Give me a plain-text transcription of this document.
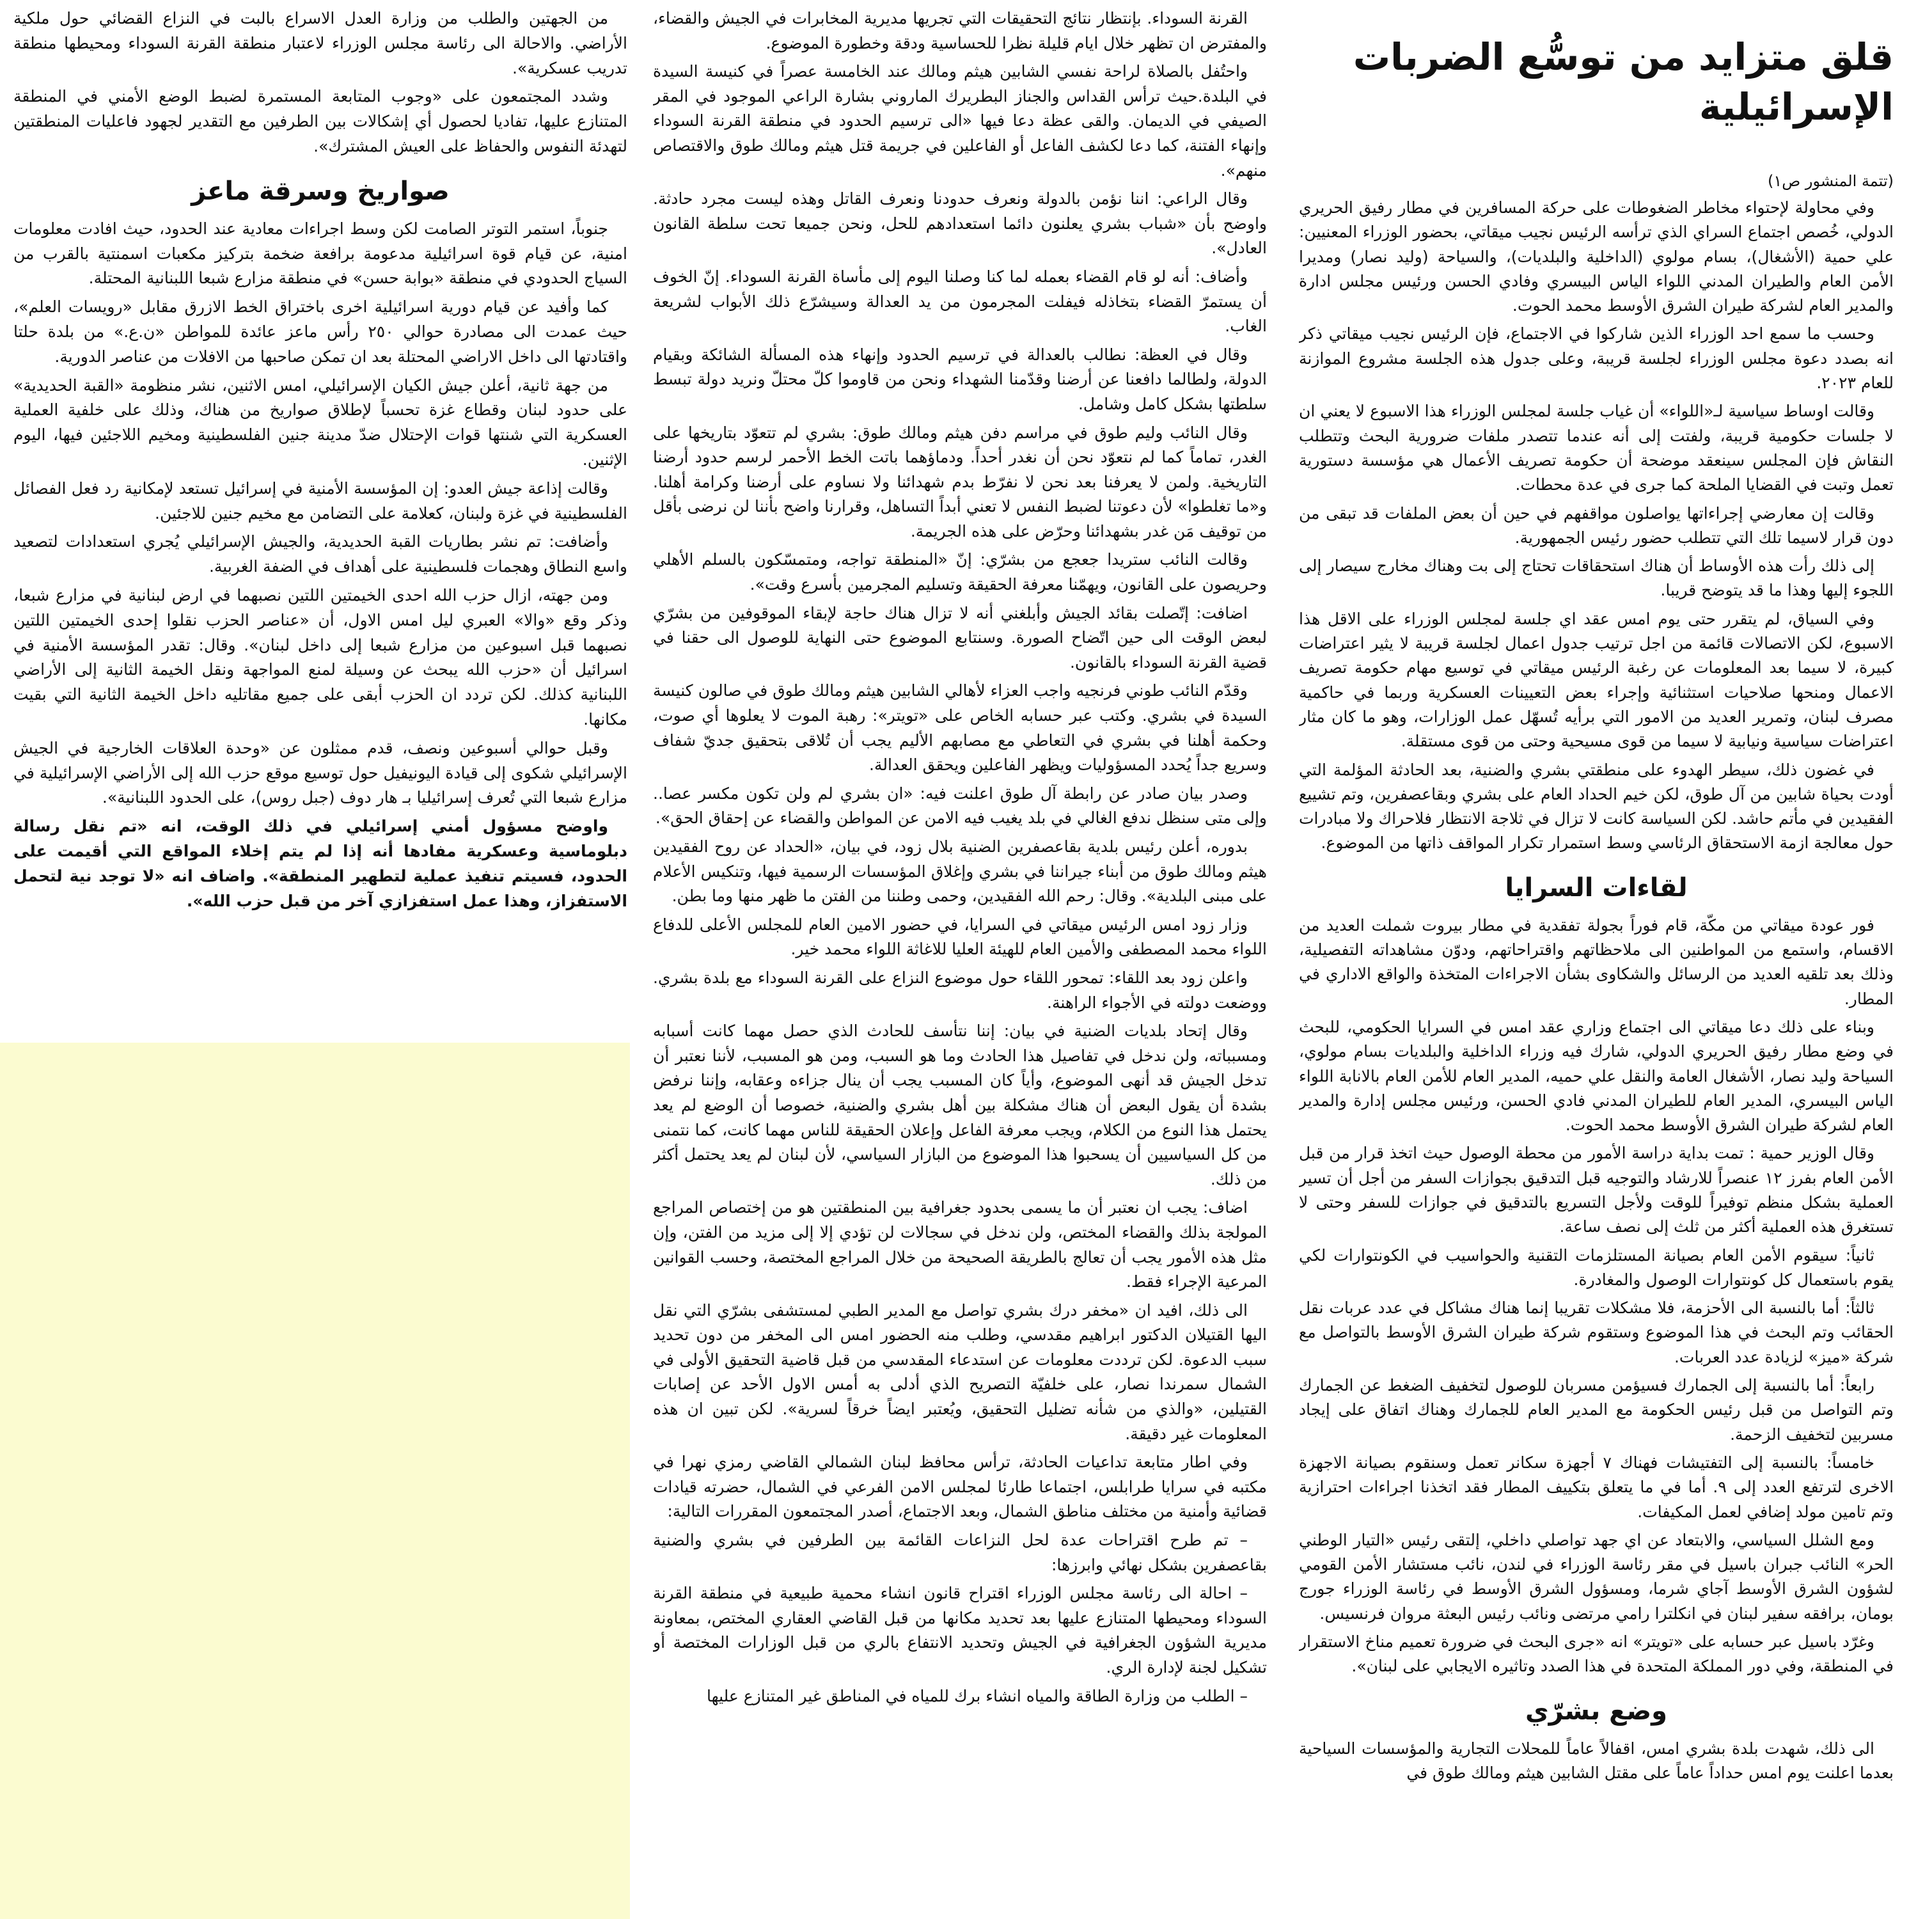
قلق متزايد من توسُّع الضربات الإسرائيلية
(تتمة المنشور ص١)

وفي محاولة لإحتواء مخاطر الضغوطات على حركة المسافرين في مطار رفيق الحريري الدولي، خُصص اجتماع السراي الذي ترأسه الرئيس نجيب ميقاتي، بحضور الوزراء المعنيين: علي حمية (الأشغال)، بسام مولوي (الداخلية والبلديات)، والسياحة (وليد نصار) ومديرا الأمن العام والطيران المدني اللواء الياس البيسري وفادي الحسن ورئيس مجلس ادارة والمدير العام لشركة طيران الشرق الأوسط محمد الحوت.

وحسب ما سمع احد الوزراء الذين شاركوا في الاجتماع، فإن الرئيس نجيب ميقاتي ذكر انه بصدد دعوة مجلس الوزراء لجلسة قريبة، وعلى جدول هذه الجلسة مشروع الموازنة للعام ٢٠٢٣.

وقالت اوساط سياسية لـ«اللواء» أن غياب جلسة لمجلس الوزراء هذا الاسبوع لا يعني ان لا جلسات حكومية قريبة، ولفتت إلى أنه عندما تتصدر ملفات ضرورية البحث وتتطلب النقاش فإن المجلس سينعقد موضحة أن حكومة تصريف الأعمال هي مؤسسة دستورية تعمل وتبت في القضايا الملحة كما جرى في عدة محطات.

وقالت إن معارضي إجراءاتها يواصلون مواقفهم في حين أن بعض الملفات قد تبقى من دون قرار لاسيما تلك التي تتطلب حضور رئيس الجمهورية.

إلى ذلك رأت هذه الأوساط أن هناك استحقاقات تحتاج إلى بت وهناك مخارج سيصار إلى اللجوء إليها وهذا ما قد يتوضح قريبا.

وفي السياق، لم يتقرر حتى يوم امس عقد اي جلسة لمجلس الوزراء على الاقل هذا الاسبوع، لكن الاتصالات قائمة من اجل ترتيب جدول اعمال لجلسة قريبة لا يثير اعتراضات كبيرة، لا سيما بعد المعلومات عن رغبة الرئيس ميقاتي في توسيع مهام حكومة تصريف الاعمال ومنحها صلاحيات استثنائية وإجراء بعض التعيينات العسكرية وربما في حاكمية مصرف لبنان، وتمرير العديد من الامور التي برأيه تُسهّل عمل الوزارات، وهو ما كان مثار اعتراضات سياسية ونيابية لا سيما من قوى مسيحية وحتى من قوى مستقلة.

في غضون ذلك، سيطر الهدوء على منطقتي بشري والضنية، بعد الحادثة المؤلمة التي أودت بحياة شابين من آل طوق، لكن خيم الحداد العام على بشري وبقاعصفرين، وتم تشييع الفقيدين في مأتم حاشد. لكن السياسة كانت لا تزال في ثلاجة الانتظار فلاحراك ولا مبادرات حول معالجة ازمة الاستحقاق الرئاسي وسط استمرار تكرار المواقف ذاتها من الموضوع.

لقاءات السرايا

فور عودة ميقاتي من مكّة، قام فوراً بجولة تفقدية في مطار بيروت شملت العديد من الاقسام، واستمع من المواطنين الى ملاحظاتهم واقتراحاتهم، ودوّن مشاهداته التفصيلية، وذلك بعد تلقيه العديد من الرسائل والشكاوى بشأن الاجراءات المتخذة والواقع الاداري في المطار.

وبناء على ذلك دعا ميقاتي الى اجتماع وزاري عقد امس في السرايا الحكومي، للبحث في وضع مطار رفيق الحريري الدولي، شارك فيه وزراء الداخلية والبلديات بسام مولوي، السياحة وليد نصار، الأشغال العامة والنقل علي حميه، المدير العام للأمن العام بالانابة اللواء الياس البيسري، المدير العام للطيران المدني فادي الحسن، ورئيس مجلس إدارة والمدير العام لشركة طيران الشرق الأوسط محمد الحوت.

وقال الوزير حمية : تمت بداية دراسة الأمور من محطة الوصول حيث اتخذ قرار من قبل الأمن العام بفرز ١٢ عنصراً للارشاد والتوجيه قبل التدقيق بجوازات السفر من أجل أن تسير العملية بشكل منظم توفيراً للوقت ولأجل التسريع بالتدقيق في جوازات للسفر وحتى لا تستغرق هذه العملية أكثر من ثلث إلى نصف ساعة.

ثانياً: سيقوم الأمن العام بصيانة المستلزمات التقنية والحواسيب في الكونتوارات لكي يقوم باستعمال كل كونتوارات الوصول والمغادرة.

ثالثاً: أما بالنسبة الى الأحزمة، فلا مشكلات تقريبا إنما هناك مشاكل في عدد عربات نقل الحقائب وتم البحث في هذا الموضوع وستقوم شركة طيران الشرق الأوسط بالتواصل مع شركة «ميز» لزيادة عدد العربات.

رابعاً: أما بالنسبة إلى الجمارك فسيؤمن مسربان للوصول لتخفيف الضغط عن الجمارك وتم التواصل من قبل رئيس الحكومة مع المدير العام للجمارك وهناك اتفاق على إيجاد مسربين لتخفيف الزحمة.

خامساً: بالنسبة إلى التفتيشات فهناك ٧ أجهزة سكانر تعمل وسنقوم بصيانة الاجهزة الاخرى لترتفع العدد إلى ٩. أما في ما يتعلق بتكييف المطار فقد اتخذنا اجراءات احترازية وتم تامين مولد إضافي لعمل المكيفات.

ومع الشلل السياسي، والابتعاد عن اي جهد تواصلي داخلي، إلتقى رئيس «التيار الوطني الحر» النائب جبران باسيل في مقر رئاسة الوزراء في لندن، نائب مستشار الأمن القومي لشؤون الشرق الأوسط آجاي شرما، ومسؤول الشرق الأوسط في رئاسة الوزراء جورج بومان، برافقه سفير لبنان في انكلترا رامي مرتضى ونائب رئيس البعثة مروان فرنسيس.

وغرّد باسيل عبر حسابه على «تويتر» انه «جرى البحث في ضرورة تعميم مناخ الاستقرار في المنطقة، وفي دور المملكة المتحدة في هذا الصدد وتاثيره الايجابي على لبنان».

وضع بشرّي

الى ذلك، شهدت بلدة بشري امس، اقفالاً عاماً للمحلات التجارية والمؤسسات السياحية بعدما اعلنت يوم امس حداداً عاماً على مقتل الشابين هيثم ومالك طوق في

القرنة السوداء. بإنتظار نتائج التحقيقات التي تجريها مديرية المخابرات في الجيش والقضاء، والمفترض ان تظهر خلال ايام قليلة نظرا للحساسية ودقة وخطورة الموضوع.

واحتُفل بالصلاة لراحة نفسي الشابين هيثم ومالك عند الخامسة عصراً في كنيسة السيدة في البلدة.حيث ترأس القداس والجناز البطريرك الماروني بشارة الراعي الموجود في المقر الصيفي في الديمان. والقى عظة دعا فيها «الى ترسيم الحدود في منطقة القرنة السوداء وإنهاء الفتنة، كما دعا لكشف الفاعل أو الفاعلين في جريمة قتل هيثم ومالك طوق والاقتصاص منهم».

وقال الراعي: اننا نؤمن بالدولة ونعرف حدودنا ونعرف القاتل وهذه ليست مجرد حادثة. واوضح بأن «شباب بشري يعلنون دائما استعدادهم للحل، ونحن جميعا تحت سلطة القانون العادل».

وأضاف: أنه لو قام القضاء بعمله لما كنا وصلنا اليوم إلى مأساة القرنة السوداء. إنّ الخوف أن يستمرّ القضاء بتخاذله فيفلت المجرمون من يد العدالة وسيشرّع ذلك الأبواب لشريعة الغاب.

وقال في العظة: نطالب بالعدالة في ترسيم الحدود وإنهاء هذه المسألة الشائكة وبقيام الدولة، ولطالما دافعنا عن أرضنا وقدّمنا الشهداء ونحن من قاوموا كلّ محتلّ ونريد دولة تبسط سلطتها بشكل كامل وشامل.

وقال النائب وليم طوق في مراسم دفن هيثم ومالك طوق: بشري لم تتعوّد بتاريخها على الغدر، تماماً كما لم نتعوّد نحن أن نغدر أحداً. ودماؤهما باتت الخط الأحمر لرسم حدود أرضنا التاريخية. ولمن لا يعرفنا بعد نحن لا نفرّط بدم شهدائنا ولا نساوم على أرضنا وكرامة أهلنا. و«ما تغلطوا» لأن دعوتنا لضبط النفس لا تعني أبداً التساهل، وقرارنا واضح بأننا لن نرضى بأقل من توقيف مَن غدر بشهدائنا وحرّض على هذه الجريمة.

وقالت النائب ستريدا جعجع من بشرّي: إنّ «المنطقة تواجه، ومتمسّكون بالسلم الأهلي وحريصون على القانون، ويهمّنا معرفة الحقيقة وتسليم المجرمين بأسرع وقت».

اضافت: إتّصلت بقائد الجيش وأبلغني أنه لا تزال هناك حاجة لإبقاء الموقوفين من بشرّي لبعض الوقت الى حين اتّضاح الصورة. وسنتابع الموضوع حتى النهاية للوصول الى حقنا في قضية القرنة السوداء بالقانون.

وقدّم النائب طوني فرنجيه واجب العزاء لأهالي الشابين هيثم ومالك طوق في صالون كنيسة السيدة في بشري. وكتب عبر حسابه الخاص على «تويتر»: رهبة الموت لا يعلوها أي صوت، وحكمة أهلنا في بشري في التعاطي مع مصابهم الأليم يجب أن تُلاقى بتحقيق جديّ شفاف وسريع جداً يُحدد المسؤوليات ويظهر الفاعلين ويحقق العدالة.

وصدر بيان صادر عن رابطة آل طوق اعلنت فيه: «ان بشري لم ولن تكون مكسر عصا.. وإلى متى سنظل ندفع الغالي في بلد يغيب فيه الامن عن المواطن والقضاء عن إحقاق الحق».

بدوره، أعلن رئيس بلدية بقاعصفرين الضنية بلال زود، في بيان، «الحداد عن روح الفقيدين هيثم ومالك طوق من أبناء جيراننا في بشري وإغلاق المؤسسات الرسمية فيها، وتنكيس الأعلام على مبنى البلدية». وقال: رحم الله الفقيدين، وحمى وطننا من الفتن ما ظهر منها وما بطن.

وزار زود امس الرئيس ميقاتي في السرايا، في حضور الامين العام للمجلس الأعلى للدفاع اللواء محمد المصطفى والأمين العام للهيئة العليا للاغاثة اللواء محمد خير.

واعلن زود بعد اللقاء: تمحور اللقاء حول موضوع النزاع على القرنة السوداء مع بلدة بشري. ووضعت دولته في الأجواء الراهنة.

وقال إتحاد بلديات الضنية في بيان: إننا نتأسف للحادث الذي حصل مهما كانت أسبابه ومسبباته، ولن ندخل في تفاصيل هذا الحادث وما هو السبب، ومن هو المسبب، لأننا نعتبر أن تدخل الجيش قد أنهى الموضوع، وأياً كان المسبب يجب أن ينال جزاءه وعقابه، وإننا نرفض بشدة أن يقول البعض أن هناك مشكلة بين أهل بشري والضنية، خصوصا أن الوضع لم يعد يحتمل هذا النوع من الكلام، ويجب معرفة الفاعل وإعلان الحقيقة للناس مهما كانت، كما نتمنى من كل السياسيين أن يسحبوا هذا الموضوع من البازار السياسي، لأن لبنان لم يعد يحتمل أكثر من ذلك.

اضاف: يجب ان نعتبر أن ما يسمى بحدود جغرافية بين المنطقتين هو من إختصاص المراجع المولجة بذلك والقضاء المختص، ولن ندخل في سجالات لن تؤدي إلا إلى مزيد من الفتن، وإن مثل هذه الأمور يجب أن تعالج بالطريقة الصحيحة من خلال المراجع المختصة، وحسب القوانين المرعية الإجراء فقط.

الى ذلك، افيد ان «مخفر درك بشري تواصل مع المدير الطبي لمستشفى بشرّي التي نقل اليها القتيلان الدكتور ابراهيم مقدسي، وطلب منه الحضور امس الى المخفر من دون تحديد سبب الدعوة. لكن ترددت معلومات عن استدعاء المقدسي من قبل قاضية التحقيق الأولى في الشمال سمرندا نصار، على خلفيّة التصريح الذي أدلى به أمس الاول الأحد عن إصابات القتيلين، «والذي من شأنه تضليل التحقيق، ويُعتبر ايضاً خرقاً لسرية». لكن تبين ان هذه المعلومات غير دقيقة.

وفي اطار متابعة تداعيات الحادثة، ترأس محافظ لبنان الشمالي القاضي رمزي نهرا في مكتبه في سرايا طرابلس، اجتماعا طارئا لمجلس الامن الفرعي في الشمال، حضرته قيادات قضائية وأمنية من مختلف مناطق الشمال، وبعد الاجتماع، أصدر المجتمعون المقررات التالية:

– تم طرح اقتراحات عدة لحل النزاعات القائمة بين الطرفين في بشري والضنية بقاعصفرين بشكل نهائي وابرزها:

– احالة الى رئاسة مجلس الوزراء اقتراح قانون انشاء محمية طبيعية في منطقة القرنة السوداء ومحيطها المتنازع عليها بعد تحديد مكانها من قبل القاضي العقاري المختص، بمعاونة مديرية الشؤون الجغرافية في الجيش وتحديد الانتفاع بالري من قبل الوزارات المختصة أو تشكيل لجنة لإدارة الري.

– الطلب من وزارة الطاقة والمياه انشاء برك للمياه في المناطق غير المتنازع عليها

من الجهتين والطلب من وزارة العدل الاسراع بالبت في النزاع القضائي حول ملكية الأراضي. والاحالة الى رئاسة مجلس الوزراء لاعتبار منطقة القرنة السوداء ومحيطها منطقة تدريب عسكرية».

وشدد المجتمعون على «وجوب المتابعة المستمرة لضبط الوضع الأمني في المنطقة المتنازع عليها، تفاديا لحصول أي إشكالات بين الطرفين مع التقدير لجهود فاعليات المنطقتين لتهدئة النفوس والحفاظ على العيش المشترك».

صواريخ وسرقة ماعز

جنوباً، استمر التوتر الصامت لكن وسط اجراءات معادية عند الحدود، حيث افادت معلومات امنية، عن قيام قوة اسرائيلية مدعومة برافعة ضخمة بتركيز مكعبات اسمنتية بالقرب من السياج الحدودي في منطقة «بوابة حسن» في منطقة مزارع شبعا اللبنانية المحتلة.

كما وأفيد عن قيام دورية اسرائيلية اخرى باختراق الخط الازرق مقابل «رويسات العلم»، حيث عمدت الى مصادرة حوالي ٢٥٠ رأس ماعز عائدة للمواطن «ن.ع.» من بلدة حلتا واقتادتها الى داخل الاراضي المحتلة بعد ان تمكن صاحبها من الافلات من عناصر الدورية.

من جهة ثانية، أعلن جيش الكيان الإسرائيلي، امس الاثنين، نشر منظومة «القبة الحديدية» على حدود لبنان وقطاع غزة تحسباً لإطلاق صواريخ من هناك، وذلك على خلفية العملية العسكرية التي شنتها قوات الإحتلال ضدّ مدينة جنين الفلسطينية ومخيم اللاجئين فيها، اليوم الإثنين.

وقالت إذاعة جيش العدو: إن المؤسسة الأمنية في إسرائيل تستعد لإمكانية رد فعل الفصائل الفلسطينية في غزة ولبنان، كعلامة على التضامن مع مخيم جنين للاجئين.

وأضافت: تم نشر بطاريات القبة الحديدية، والجيش الإسرائيلي يُجري استعدادات لتصعيد واسع النطاق وهجمات فلسطينية على أهداف في الضفة الغربية.

ومن جهته، ازال حزب الله احدى الخيمتين اللتين نصبهما في ارض لبنانية في مزارع شبعا، وذكر وقع «والا» العبري ليل امس الاول، أن «عناصر الحزب نقلوا إحدى الخيمتين اللتين نصبهما قبل اسبوعين من مزارع شبعا إلى داخل لبنان». وقال: تقدر المؤسسة الأمنية في اسرائيل أن «حزب الله يبحث عن وسيلة لمنع المواجهة ونقل الخيمة الثانية إلى الأراضي اللبنانية كذلك. لكن تردد ان الحزب أبقى على جميع مقاتليه داخل الخيمة الثانية التي بقيت مكانها.

وقبل حوالي أسبوعين ونصف، قدم ممثلون عن «وحدة العلاقات الخارجية في الجيش الإسرائيلي شكوى إلى قيادة اليونيفيل حول توسيع موقع حزب الله إلى الأراضي الإسرائيلية في مزارع شبعا التي تُعرف إسرائيليا بـ هار دوف (جبل روس)، على الحدود اللبنانية».

واوضح مسؤول أمني إسرائيلي في ذلك الوقت، انه «تم نقل رسالة دبلوماسية وعسكرية مفادها أنه إذا لم يتم إخلاء المواقع التي أقيمت على الحدود، فسيتم تنفيذ عملية لتطهير المنطقة». واضاف انه «لا توجد نية لتحمل الاستفزاز، وهذا عمل استفزازي آخر من قبل حزب الله».
